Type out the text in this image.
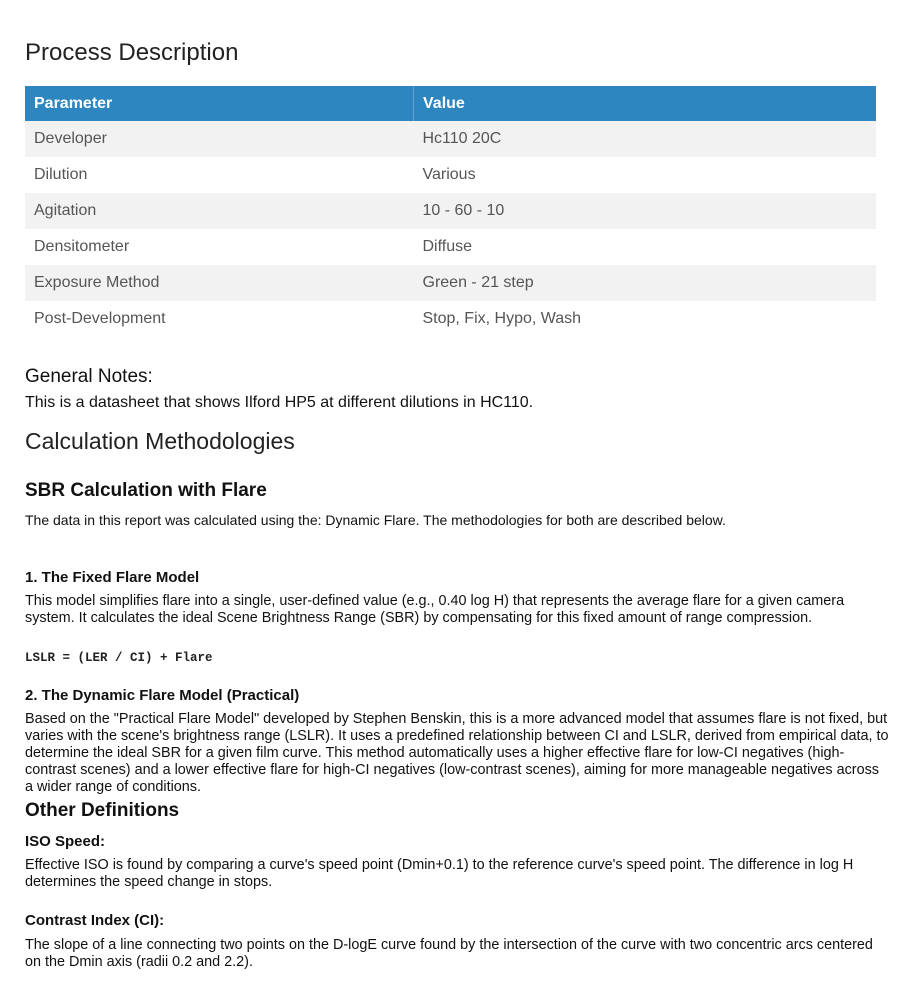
Process Description
Parameter	Value
Developer	Hc110 20C
Dilution	Various
Agitation	10 - 60 - 10
Densitometer	Diffuse
Exposure Method	Green - 21 step
Post-Development	Stop, Fix, Hypo, Wash
General Notes:
This is a datasheet that shows Ilford HP5 at different dilutions in HC110.
Calculation Methodologies
SBR Calculation with Flare
The data in this report was calculated using the: Dynamic Flare. The methodologies for both are described below.
1. The Fixed Flare Model

This model simplifies flare into a single, user-defined value (e.g., 0.40 log H) that represents the average flare for a given camera system. It calculates the ideal Scene Brightness Range (SBR) by compensating for this fixed amount of range compression.

LSLR = (LER / CI) + Flare
2. The Dynamic Flare Model (Practical)

Based on the "Practical Flare Model" developed by Stephen Benskin, this is a more advanced model that assumes flare is not fixed, but varies with the scene's brightness range (LSLR). It uses a predefined relationship between CI and LSLR, derived from empirical data, to determine the ideal SBR for a given film curve. This method automatically uses a higher effective flare for low-CI negatives (high-contrast scenes) and a lower effective flare for high-CI negatives (low-contrast scenes), aiming for more manageable negatives across a wider range of conditions.

Other Definitions
ISO Speed:

Effective ISO is found by comparing a curve's speed point (Dmin+0.1) to the reference curve's speed point. The difference in log H determines the speed change in stops.

Contrast Index (CI):

The slope of a line connecting two points on the D-logE curve found by the intersection of the curve with two concentric arcs centered on the Dmin axis (radii 0.2 and 2.2).
